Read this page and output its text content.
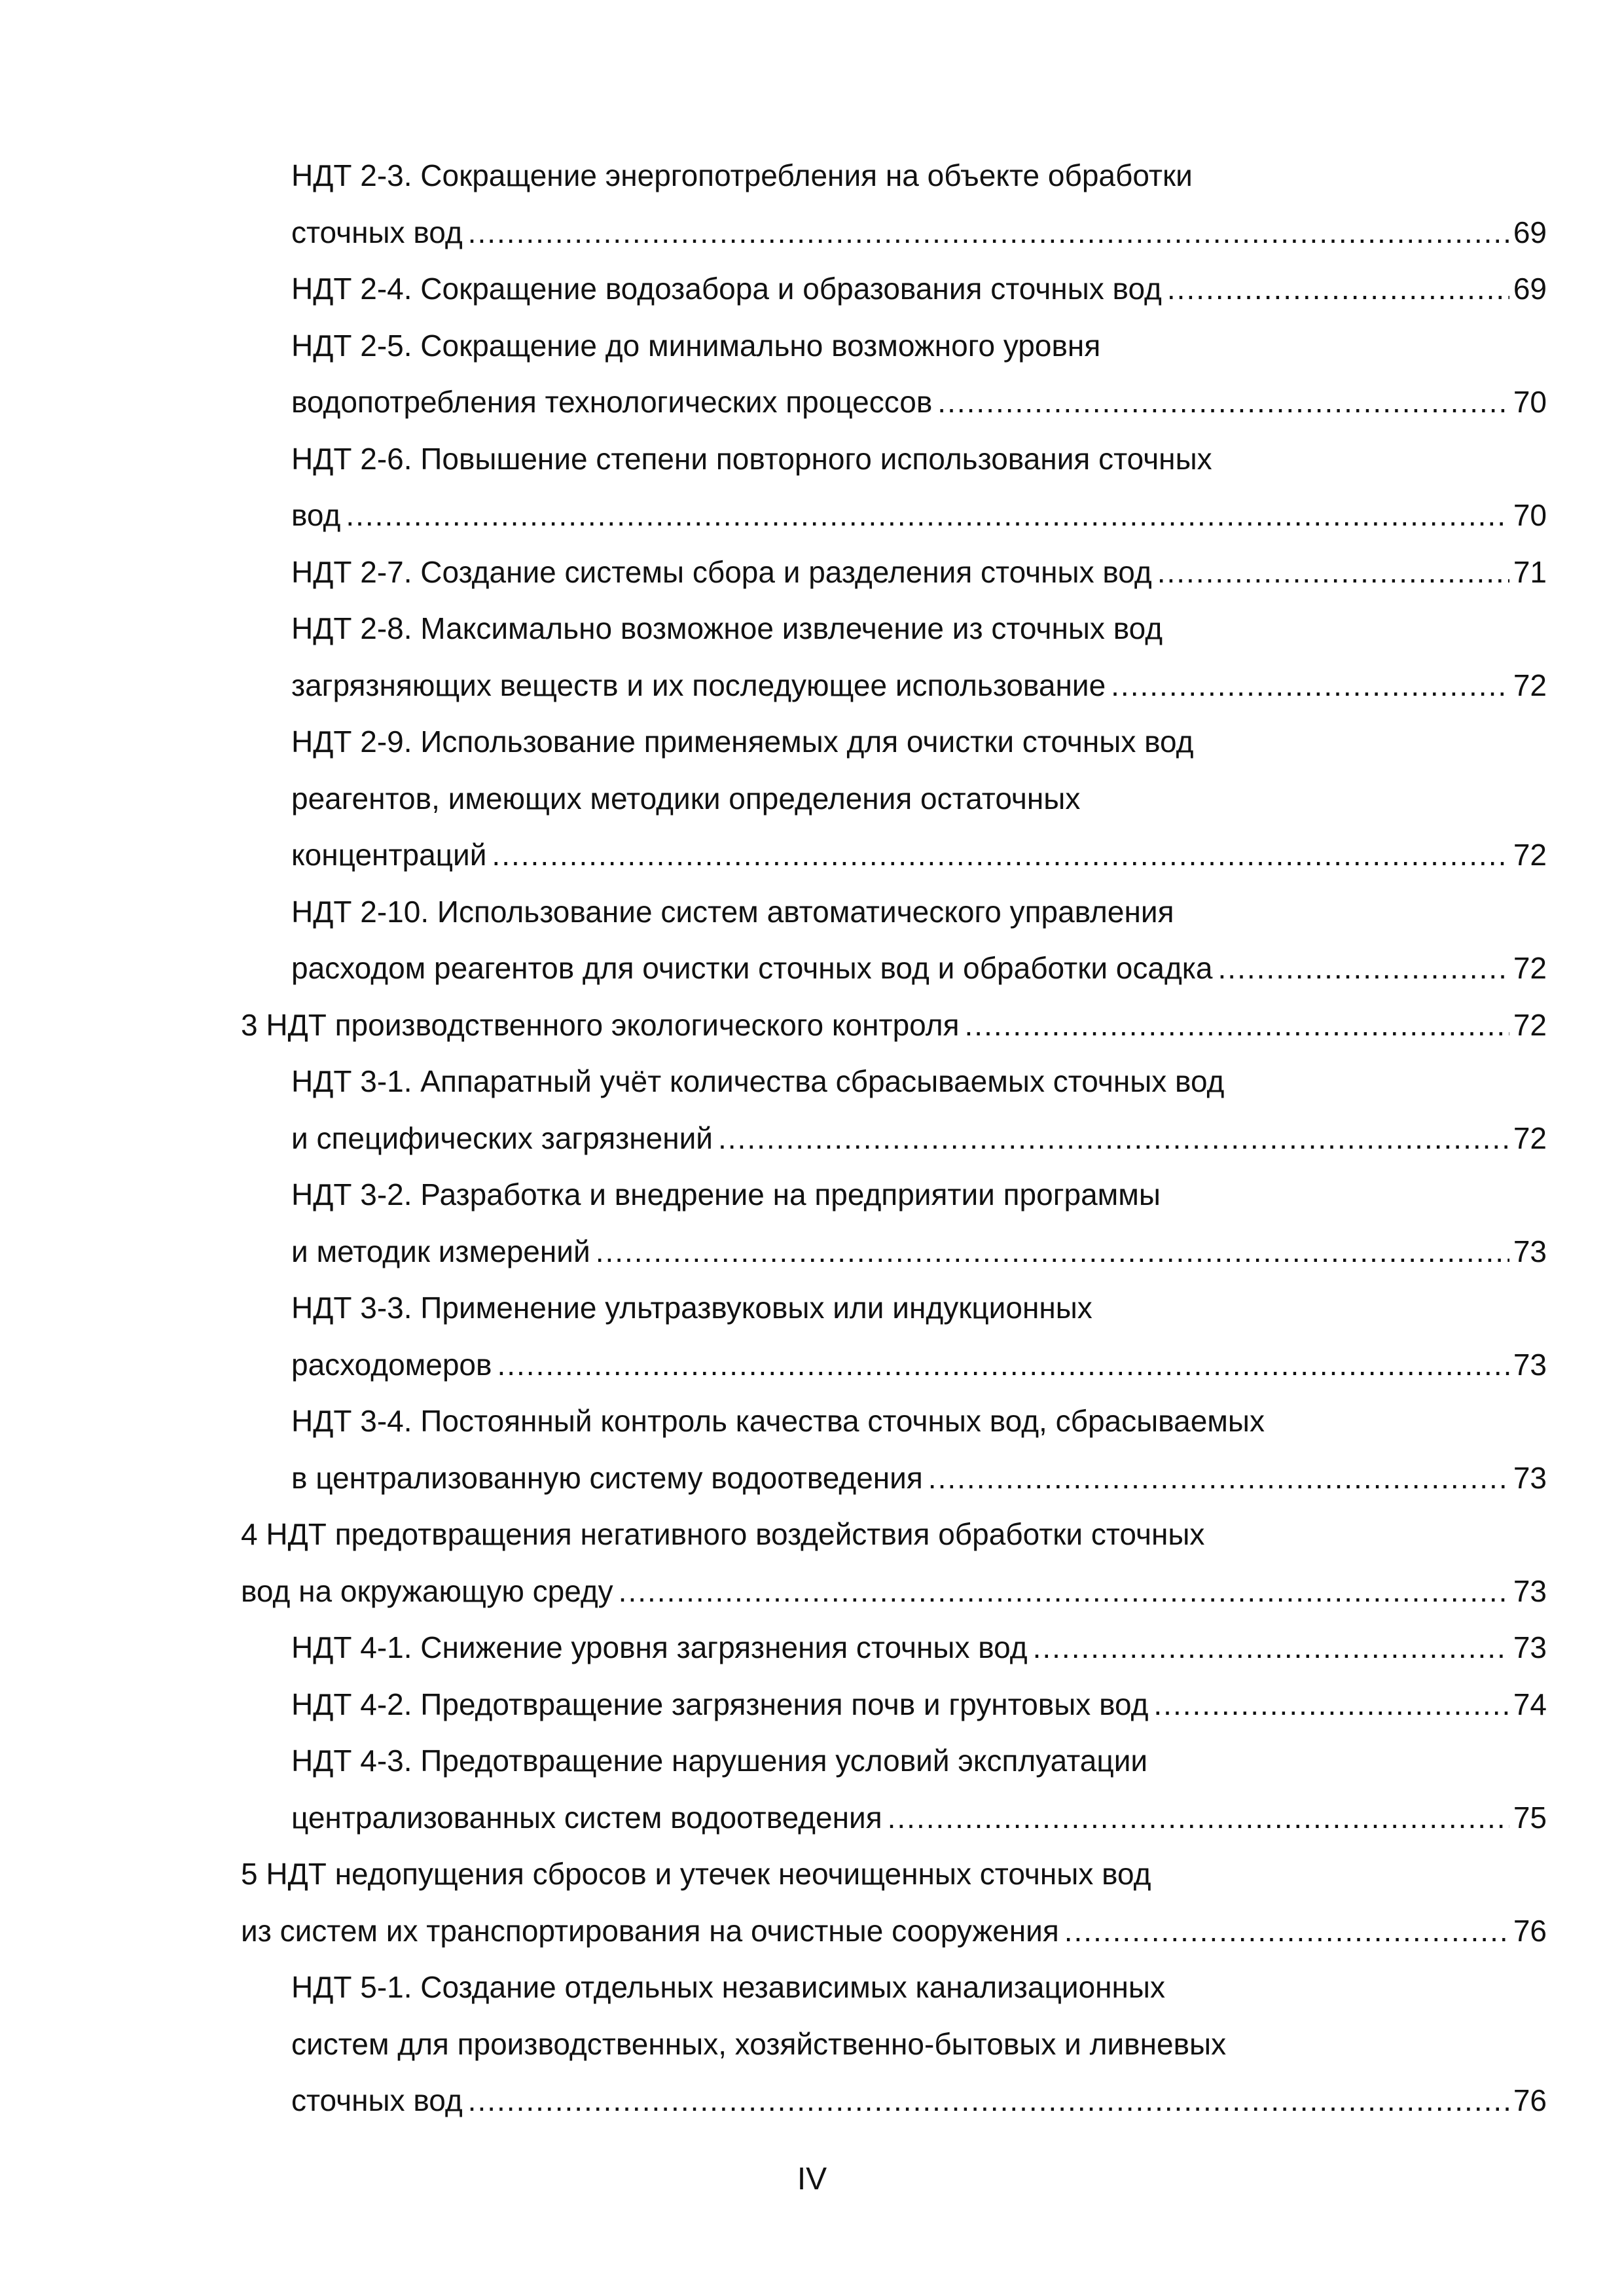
НДТ 2-3. Сокращение энергопотребления на объекте обработки
сточных вод .....	69
НДТ 2-4. Сокращение водозабора и образования сточных вод .....	69
НДТ 2-5. Сокращение до минимально возможного уровня
водопотребления технологических процессов .....	70
НДТ 2-6. Повышение степени повторного использования сточных
вод .....	70
НДТ 2-7. Создание системы сбора и разделения сточных вод .....	71
НДТ 2-8. Максимально возможное извлечение из сточных вод
загрязняющих веществ и их последующее использование .....	72
НДТ 2-9. Использование применяемых для очистки сточных вод
реагентов, имеющих методики определения остаточных
концентраций .....	72
НДТ 2-10. Использование систем автоматического управления
расходом реагентов для очистки сточных вод и обработки осадка .....	72
3 НДТ производственного экологического контроля .....	72
НДТ 3-1. Аппаратный учёт количества сбрасываемых сточных вод
и специфических загрязнений .....	72
НДТ 3-2. Разработка и внедрение на предприятии программы
и методик измерений .....	73
НДТ 3-3. Применение ультразвуковых или индукционных
расходомеров .....	73
НДТ 3-4. Постоянный контроль качества сточных вод, сбрасываемых
в централизованную систему водоотведения .....	73
4 НДТ предотвращения негативного воздействия обработки сточных
вод на окружающую среду .....	73
НДТ 4-1. Снижение уровня загрязнения сточных вод .....	73
НДТ 4-2. Предотвращение загрязнения почв и грунтовых вод .....	74
НДТ 4-3. Предотвращение нарушения условий эксплуатации
централизованных систем водоотведения .....	75
5 НДТ недопущения сбросов и утечек неочищенных сточных вод
из систем их транспортирования на очистные сооружения .....	76
НДТ 5-1. Создание отдельных независимых канализационных
систем для производственных, хозяйственно-бытовых и ливневых
сточных вод .....	76
IV
